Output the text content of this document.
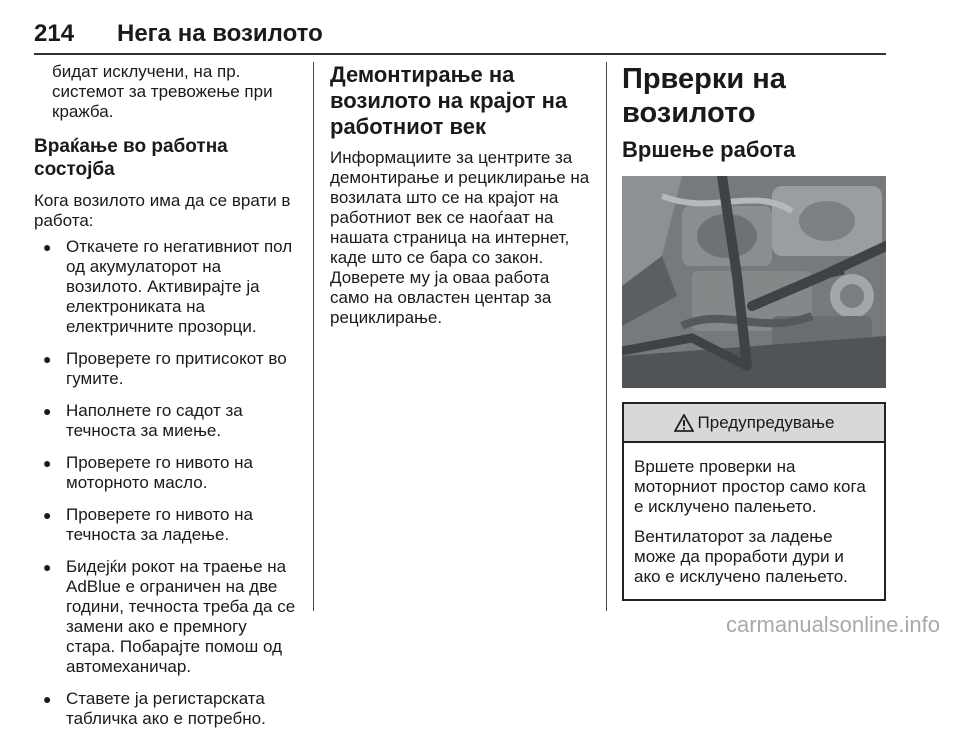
214 Нега на возилото

бидат исклучени, на пр.

системот за тревожење при

кражба.

Враќање во работна состојба

Кога возилото има да се врати в работа:

● Откачете го негативниот пол од акумулаторот на возилото. Активирајте ја електрониката на електричните прозорци.
● Проверете го притисокот во гумите.
● Наполнете го садот за течноста за миење.
● Проверете го нивото на моторното масло.
● Проверете го нивото на течноста за ладење.
● Бидејќи рокот на траење на AdBlue е ограничен на две години, течноста треба да се замени ако е премногу стара. Побарајте помош од автомеханичар.
● Ставете ја регистарската табличка ако е потребно.
Демонтирање на возилото на крајот на работниот век

Информациите за центрите за демонтирање и рециклирање на возилата што се на крајот на работниот век се наоѓаат на нашата страница на интернет, каде што се бара со закон. Доверете му ја оваа работа само на овластен центар за рециклирање.

Прверки на возилото
Вршење работа
Предупредување

Вршете проверки на моторниот простор само кога е исклучено палењето.

Вентилаторот за ладење може да проработи дури и ако е исклучено палењето.

carmanualsonline.info
